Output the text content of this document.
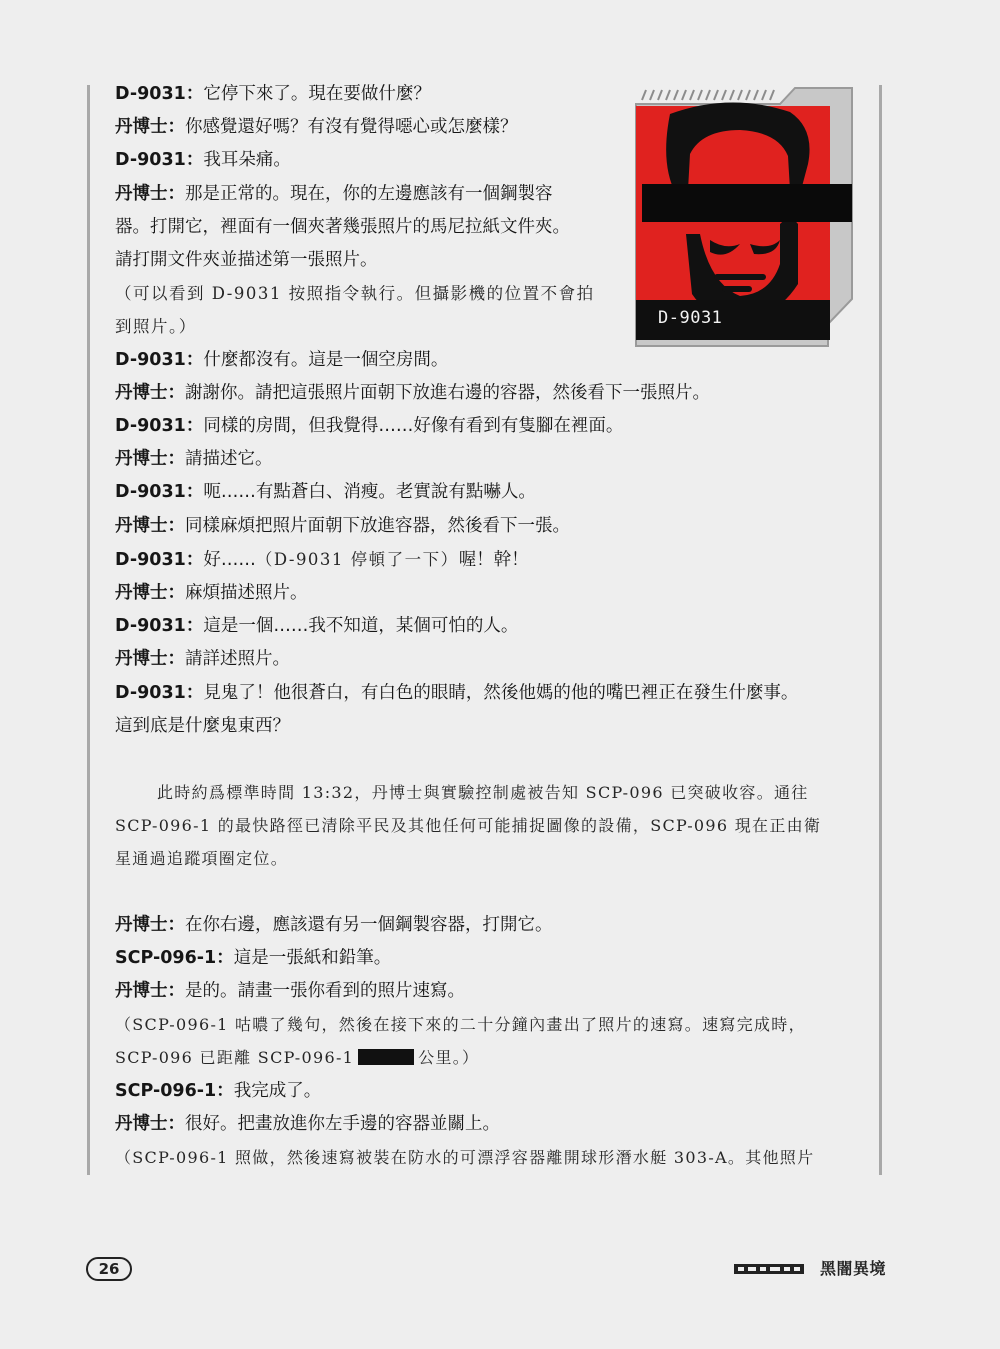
D-9031
D-9031：它停下來了。現在要做什麼？
丹博士：你感覺還好嗎？有沒有覺得噁心或怎麼樣？
D-9031：我耳朵痛。
丹博士：那是正常的。現在，你的左邊應該有一個鋼製容
器。打開它，裡面有一個夾著幾張照片的馬尼拉紙文件夾。
請打開文件夾並描述第一張照片。
（可以看到 D-9031 按照指令執行。但攝影機的位置不會拍
到照片。）
D-9031：什麼都沒有。這是一個空房間。
丹博士：謝謝你。請把這張照片面朝下放進右邊的容器，然後看下一張照片。
D-9031：同樣的房間，但我覺得……好像有看到有隻腳在裡面。
丹博士：請描述它。
D-9031：呃……有點蒼白、消瘦。老實說有點嚇人。
丹博士：同樣麻煩把照片面朝下放進容器，然後看下一張。
D-9031：好……（D-9031 停頓了一下）喔！幹！
丹博士：麻煩描述照片。
D-9031：這是一個……我不知道，某個可怕的人。
丹博士：請詳述照片。
D-9031：見鬼了！他很蒼白，有白色的眼睛，然後他媽的他的嘴巴裡正在發生什麼事。
這到底是什麼鬼東西？
此時約爲標準時間 13:32，丹博士與實驗控制處被告知 SCP-096 已突破收容。通往
SCP-096-1 的最快路徑已清除平民及其他任何可能捕捉圖像的設備，SCP-096 現在正由衛
星通過追蹤項圈定位。
丹博士：在你右邊，應該還有另一個鋼製容器，打開它。
SCP-096-1：這是一張紙和鉛筆。
丹博士：是的。請畫一張你看到的照片速寫。
（SCP-096-1 咕噥了幾句，然後在接下來的二十分鐘內畫出了照片的速寫。速寫完成時，
SCP-096 已距離 SCP-096-1	公里。）
SCP-096-1：我完成了。
丹博士：很好。把畫放進你左手邊的容器並關上。
（SCP-096-1 照做，然後速寫被裝在防水的可漂浮容器離開球形潛水艇 303-A。其他照片
26	黑闇異境
